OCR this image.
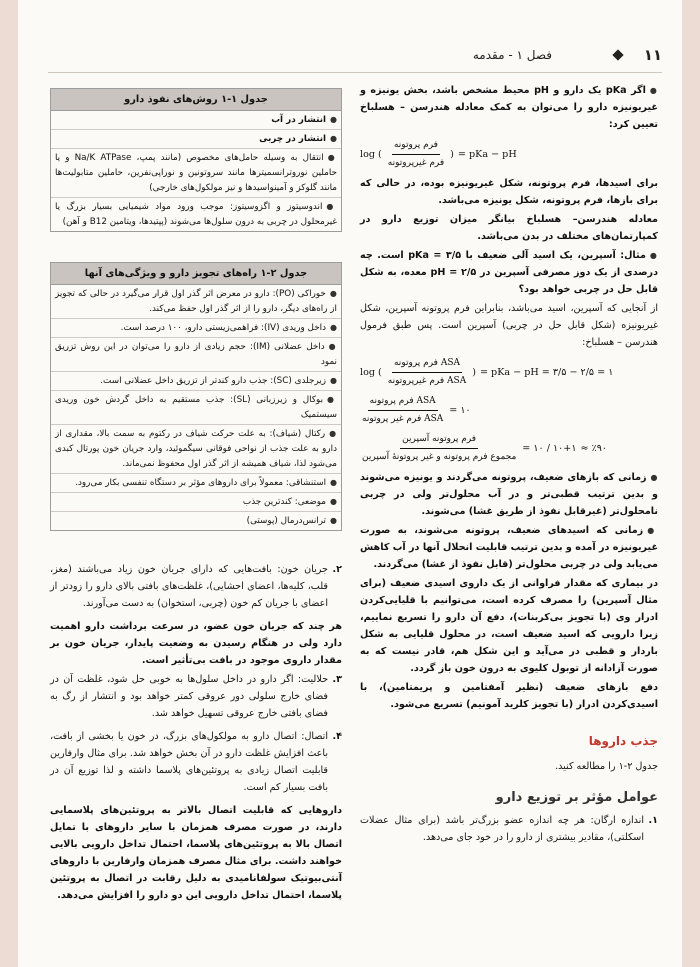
فصل ۱ - مقدمه	۱۱

● اگر pKa یک دارو و pH محیط مشخص باشد، بخش یونیزه و غیریونیزه دارو را می‌توان به کمک معادله هندرسن – هسلباخ تعیین کرد:

log ( $\frac{\text{فرم پروتونه}}{\text{فرم غیرپروتونه}}$ ) = pKa − pH

برای اسیدها، فرم پروتونه، شکل غیریونیزه بوده، در حالی که برای بازها، فرم پروتونه، شکل یونیزه می‌باشد.

معادله هندرسن– هسلباخ بیانگر میزان توزیع دارو در کمپارتمان‌های مختلف در بدن می‌باشد.

● مثال: آسپرین، یک اسید آلی ضعیف با pKa = ۳/۵ است. چه درصدی از یک دوز مصرفی آسپرین در pH = ۲/۵ معده، به شکل قابل حل در چربی خواهد بود؟

از آنجایی که آسپرین، اسید می‌باشد، بنابراین فرم پروتونه آسپرین، شکل غیریونیزه (شکل قابل حل در چربی) آسپرین است. پس طبق فرمول هندرسن – هسلباخ:

log ( $\frac{\text{ASA فرم پروتونه}}{\text{ASA فرم غیرپروتونه}}$ ) = pKa − pH = ۳/۵ − ۲/۵ = ۱
$\frac{\text{ASA فرم پروتونه}}{\text{ASA فرم غیر پروتونه}}$ = ۱۰
$\frac{\text{فرم پروتونه آسپرین}}{\text{مجموع فرم پروتونه و غیر پروتونهٔ آسپرین}}$ = ۱۰ / ۱۰+۱ ≈ ٪۹۰

● زمانی که بازهای ضعیف، پروتونه می‌گردند و یونیزه می‌شوند و بدین ترتیب قطبی‌تر و در آب محلول‌تر ولی در چربی نامحلول‌تر (غیرقابل نفوذ از طریق غشا) می‌شوند.

● زمانی که اسیدهای ضعیف، پروتونه می‌شوند، به صورت غیریونیزه در آمده و بدین ترتیب قابلیت انحلال آنها در آب کاهش می‌یابد ولی در چربی محلول‌تر (قابل نفوذ از غشا) می‌گردند.

در بیماری که مقدار فراوانی از یک داروی اسیدی ضعیف (برای مثال آسپرین) را مصرف کرده است، می‌توانیم با قلیایی‌کردن ادرار وی (با تجویز بی‌کربنات)، دفع آن دارو را تسریع نماییم، زیرا دارویی که اسید ضعیف است، در محلول قلیایی به شکل باردار و قطبی در می‌آید و این شکل هم، قادر نیست که به صورت آزادانه از توبول کلیوی به درون خون باز گردد.

دفع بازهای ضعیف (نظیر آمفتامین و پریمتامین)، با اسیدی‌کردن ادرار (با تجویز کلرید آمونیم) تسریع می‌شود.

جذب داروها

جدول ۲-۱ را مطالعه کنید.

عوامل مؤثر بر توزیع دارو
۱.
اندازه ارگان: هر چه اندازه عضو بزرگ‌تر باشد (برای مثال عضلات اسکلتی)، مقادیر بیشتری از دارو را در خود جای می‌دهد.
جدول ۱-۱ روش‌های نفوذ دارو
● انتشار در آب
● انتشار در چربی
● انتقال به وسیله حامل‌های مخصوص (مانند پمپ، Na/K ATPase و یا حاملین نوروترانسمیترها مانند سروتونین و نوراپی‌نفرین، حاملین متابولیت‌ها مانند گلوکز و آمینواسیدها و نیز مولکول‌های خارجی)
● اندوسیتوز و اگزوسیتوز: موجب ورود مواد شیمیایی بسیار بزرگ یا غیرمحلول در چربی به درون سلول‌ها می‌شوند (پپتیدها، ویتامین B12 و آهن)
جدول ۲-۱ راه‌های تجویز دارو و ویژگی‌های آنها
● خوراکی (PO): دارو در معرض اثر گذر اول قرار می‌گیرد در حالی که تجویز از راه‌های دیگر، دارو را از اثر گذر اول حفظ می‌کند.
● داخل وریدی (IV): فراهمی‌زیستی دارو، ۱۰۰ درصد است.
● داخل عضلانی (IM): حجم زیادی از دارو را می‌توان در این روش تزریق نمود
● زیرجلدی (SC): جذب دارو کندتر از تزریق داخل عضلانی است.
● بوکال و زیرزبانی (SL): جذب مستقیم به داخل گردش خون وریدی سیستمیک
● رکتال (شیاف): به علت حرکت شیاف در رکتوم به سمت بالا، مقداری از دارو به علت جذب از نواحی فوقانی سیگموئید، وارد جریان خون پورتال کبدی می‌شود لذا، شیاف همیشه از اثر گذر اول محفوظ نمی‌ماند.
● استنشاقی: معمولاً برای داروهای مؤثر بر دستگاه تنفسی بکار می‌رود.
● موضعی: کندترین جذب
● ترانس‌درمال (پوستی)
۲.
جریان خون: بافت‌هایی که دارای جریان خون زیاد می‌باشند (مغز، قلب، کلیه‌ها، اعضای احشایی)، غلظت‌های بافتی بالای دارو را زودتر از اعضای با جریان کم خون (چربی، استخوان) به دست می‌آورند.

هر چند که جریان خون عضو، در سرعت برداشت دارو اهمیت دارد ولی در هنگام رسیدن به وضعیت پایدار، جریان خون بر مقدار داروی موجود در بافت بی‌تأثیر است.

۳.
حلالیت: اگر دارو در داخل سلول‌ها به خوبی حل شود، غلظت آن در فضای خارج سلولی دور عروقی کمتر خواهد بود و انتشار از رگ به فضای بافتی خارج عروقی تسهیل خواهد شد.
۴.
اتصال: اتصال دارو به مولکول‌های بزرگ، در خون یا بخشی از بافت، باعث افزایش غلظت دارو در آن بخش خواهد شد. برای مثال وارفارین قابلیت اتصال زیادی به پروتئین‌های پلاسما داشته و لذا توزیع آن در بافت بسیار کم است.

داروهایی که قابلیت اتصال بالاتر به پروتئین‌های پلاسمایی دارند، در صورت مصرف همزمان با سایر داروهای با تمایل اتصال بالا به پروتئین‌های پلاسما، احتمال تداخل دارویی بالایی خواهند داشت. برای مثال مصرف همزمان وارفارین با داروهای آنتی‌بیوتیک سولفانامیدی به دلیل رقابت در اتصال به پروتئین پلاسما، احتمال تداخل دارویی این دو دارو را افزایش می‌دهد.
